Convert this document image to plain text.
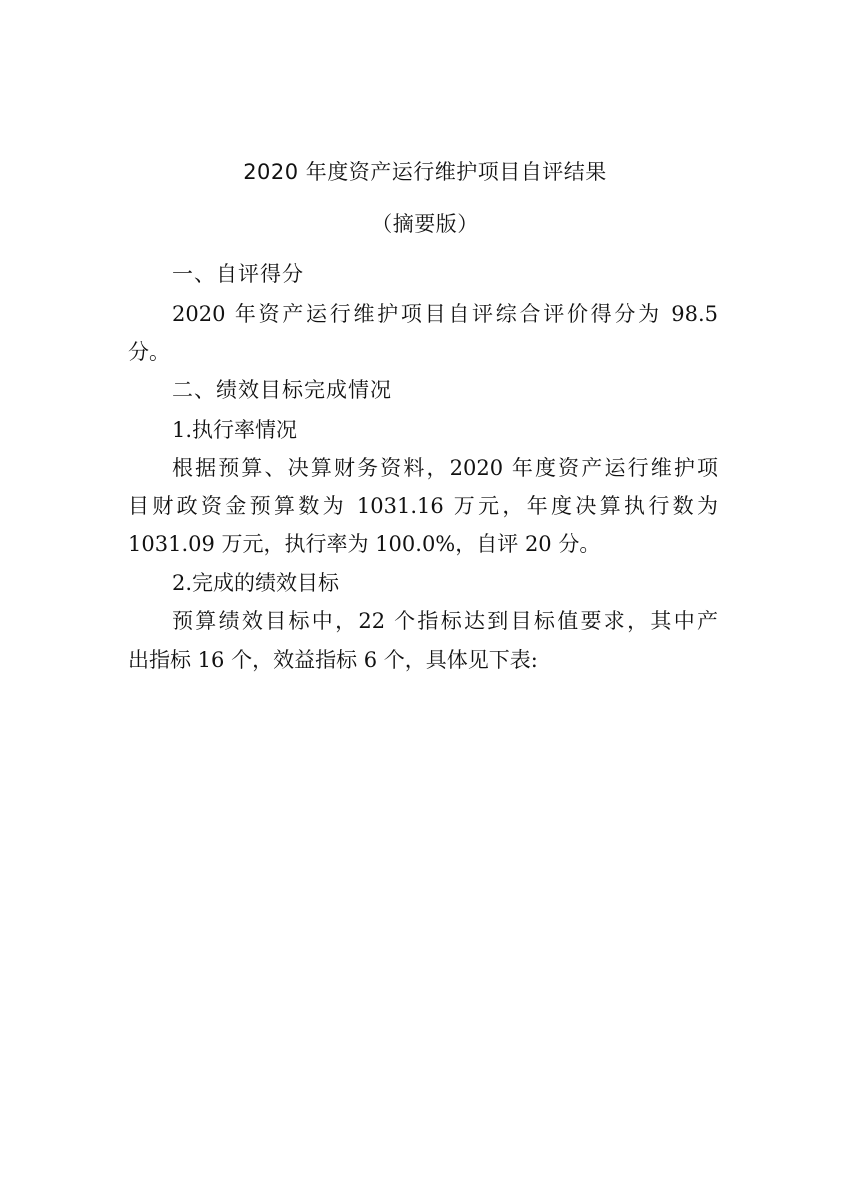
2020 年度资产运行维护项目自评结果
（摘要版）
一、自评得分
2020 年资产运行维护项目自评综合评价得分为 98.5
分。
二、绩效目标完成情况
1.执行率情况
根据预算、决算财务资料，2020 年度资产运行维护项
目财政资金预算数为 1031.16 万元，年度决算执行数为
1031.09 万元，执行率为 100.0%，自评 20 分。
2.完成的绩效目标
预算绩效目标中，22 个指标达到目标值要求，其中产
出指标 16 个，效益指标 6 个，具体见下表:
